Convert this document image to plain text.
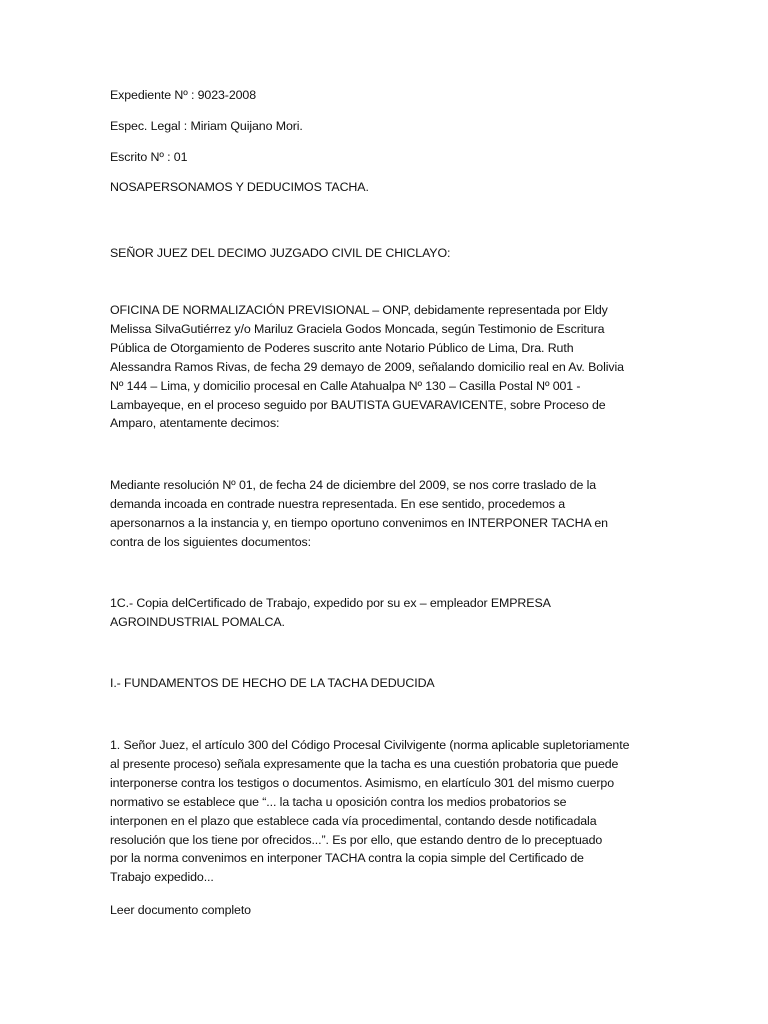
Expediente Nº : 9023-2008
Espec. Legal : Miriam Quijano Mori.
Escrito Nº : 01
NOSAPERSONAMOS Y DEDUCIMOS TACHA.
SEÑOR JUEZ DEL DECIMO JUZGADO CIVIL DE CHICLAYO:
OFICINA DE NORMALIZACIÓN PREVISIONAL – ONP, debidamente representada por Eldy
Melissa SilvaGutiérrez y/o Mariluz Graciela Godos Moncada, según Testimonio de Escritura
Pública de Otorgamiento de Poderes suscrito ante Notario Público de Lima, Dra. Ruth
Alessandra Ramos Rivas, de fecha 29 demayo de 2009, señalando domicilio real en Av. Bolivia
Nº 144 – Lima, y domicilio procesal en Calle Atahualpa Nº 130 – Casilla Postal Nº 001 -
Lambayeque, en el proceso seguido por BAUTISTA GUEVARAVICENTE, sobre Proceso de
Amparo, atentamente decimos:
Mediante resolución Nº 01, de fecha 24 de diciembre del 2009, se nos corre traslado de la
demanda incoada en contrade nuestra representada. En ese sentido, procedemos a
apersonarnos a la instancia y, en tiempo oportuno convenimos en INTERPONER TACHA en
contra de los siguientes documentos:
1C.- Copia delCertificado de Trabajo, expedido por su ex – empleador EMPRESA
AGROINDUSTRIAL POMALCA.
I.- FUNDAMENTOS DE HECHO DE LA TACHA DEDUCIDA
1. Señor Juez, el artículo 300 del Código Procesal Civilvigente (norma aplicable supletoriamente
al presente proceso) señala expresamente que la tacha es una cuestión probatoria que puede
interponerse contra los testigos o documentos. Asimismo, en elartículo 301 del mismo cuerpo
normativo se establece que “... la tacha u oposición contra los medios probatorios se
interponen en el plazo que establece cada vía procedimental, contando desde notificadala
resolución que los tiene por ofrecidos...”. Es por ello, que estando dentro de lo preceptuado
por la norma convenimos en interponer TACHA contra la copia simple del Certificado de
Trabajo expedido...
Leer documento completo
